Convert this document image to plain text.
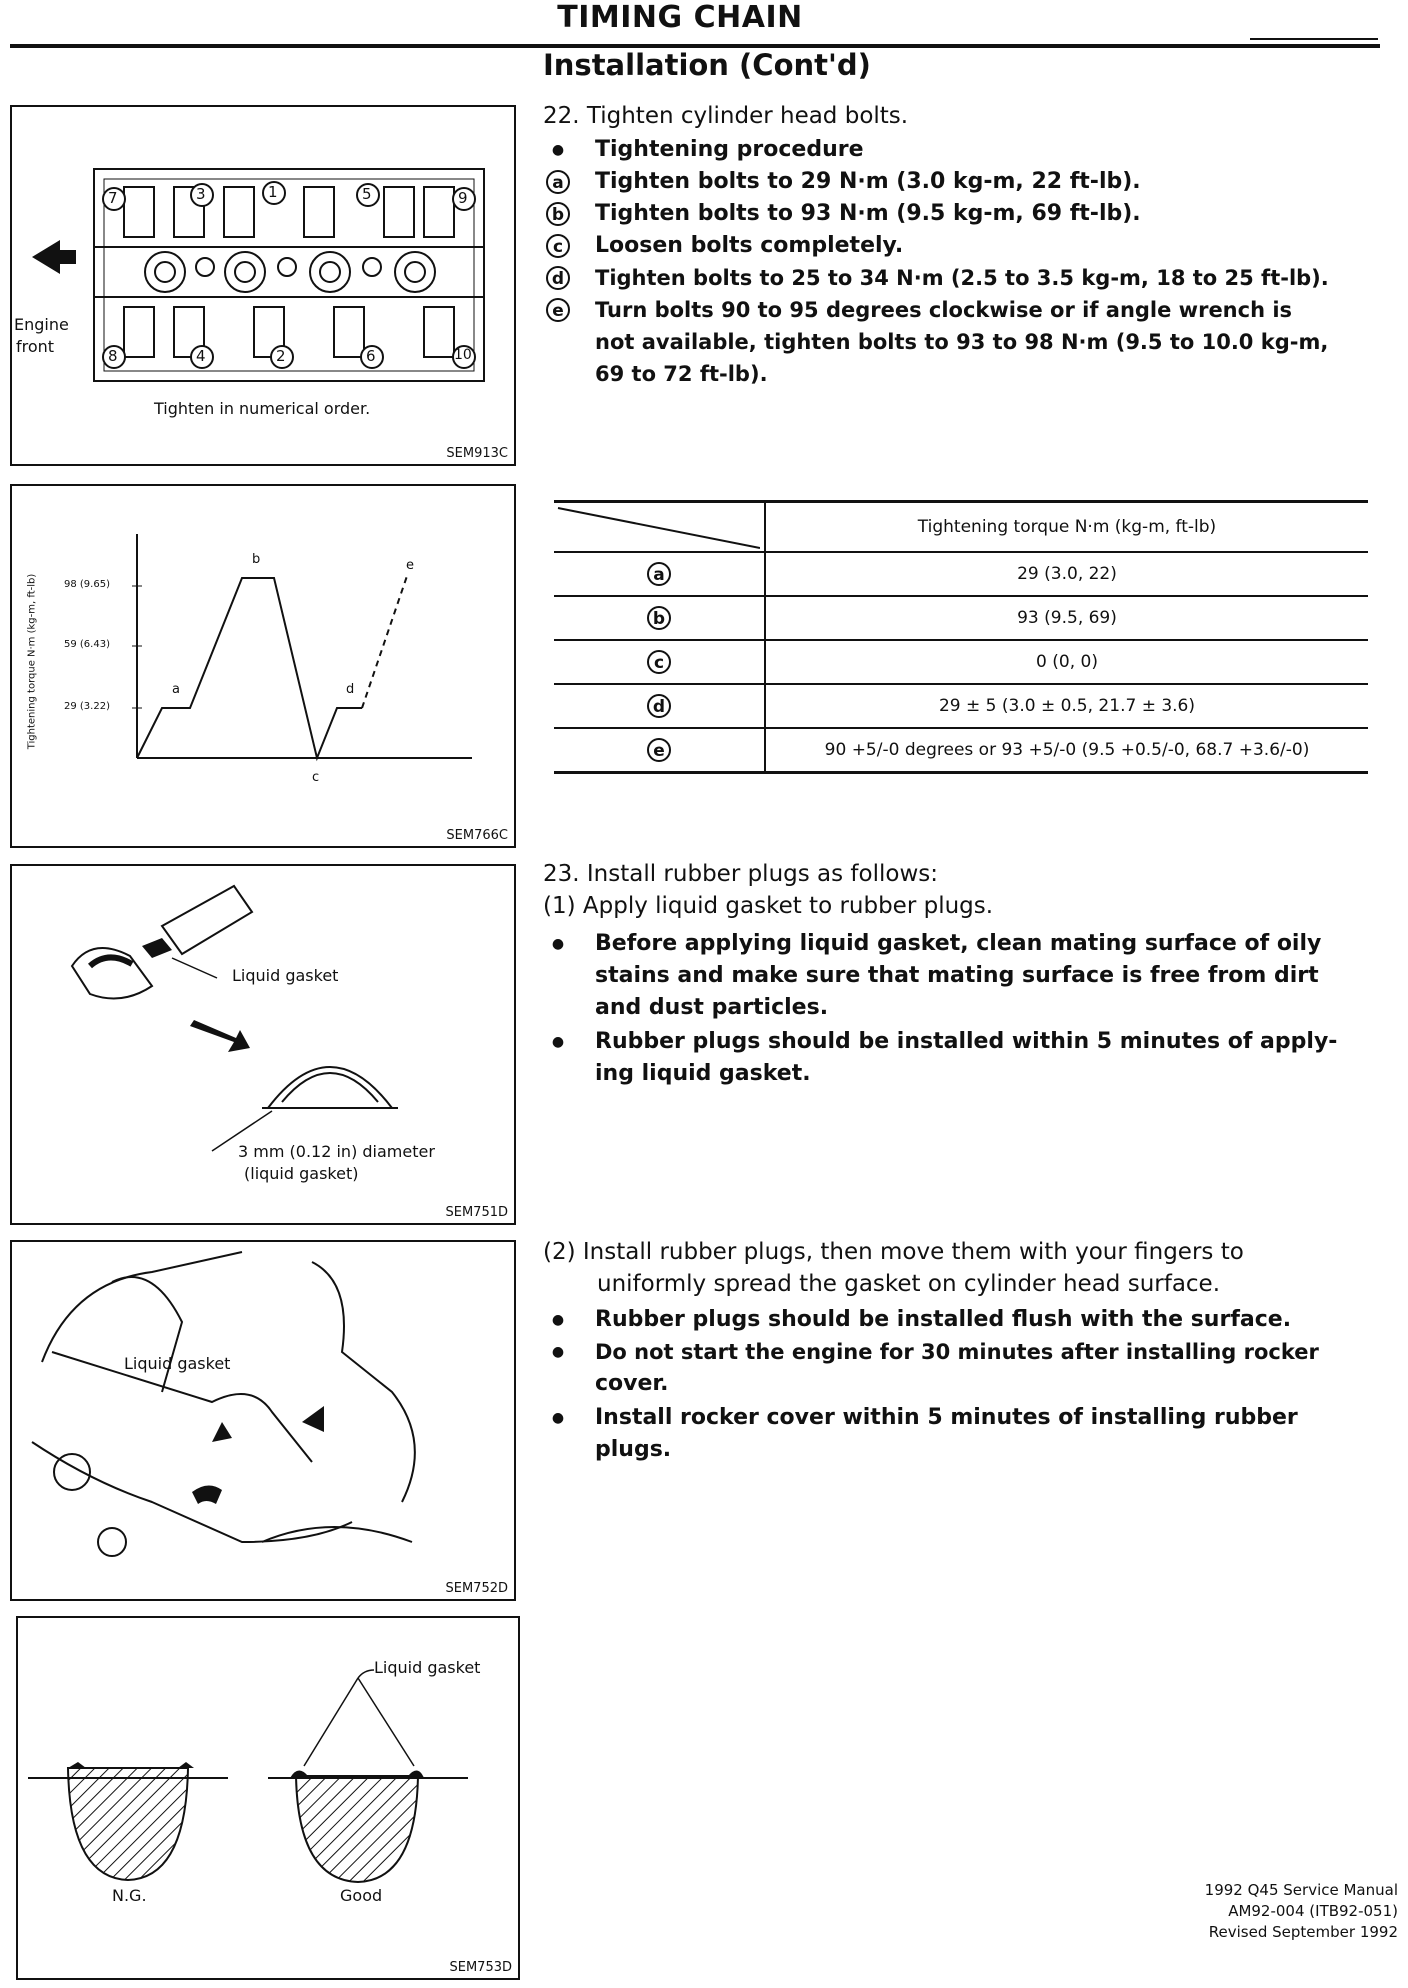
TIMING CHAIN
Installation (Cont'd)
7	3	1	5	9
8	4	2	6	10
Engine
front
Tighten in numerical order.
SEM913C
Tightening torque N·m (kg-m, ft-lb)	98 (9.65)
59 (6.43)
29 (3.22)
a
b
c
d
e
SEM766C
Liquid gasket
3 mm (0.12 in) diameter
(liquid gasket)
SEM751D
Liquid gasket
SEM752D
Liquid gasket
N.G.	Good
SEM753D
22. Tighten cylinder head bolts.
●	Tightening procedure
a	Tighten bolts to 29 N·m (3.0 kg-m, 22 ft-lb).
b	Tighten bolts to 93 N·m (9.5 kg-m, 69 ft-lb).
c	Loosen bolts completely.
d	Tighten bolts to 25 to 34 N·m (2.5 to 3.5 kg-m, 18 to 25 ft-lb).
e	Turn bolts 90 to 95 degrees clockwise or if angle wrench is
not available, tighten bolts to 93 to 98 N·m (9.5 to 10.0 kg-m,
69 to 72 ft-lb).
	Tightening torque N·m (kg-m, ft-lb)
a	29 (3.0, 22)
b	93 (9.5, 69)
c	0 (0, 0)
d	29 ± 5 (3.0 ± 0.5, 21.7 ± 3.6)
e	90 +5/-0 degrees or 93 +5/-0 (9.5 +0.5/-0, 68.7 +3.6/-0)
23. Install rubber plugs as follows:
(1) Apply liquid gasket to rubber plugs.
●	Before applying liquid gasket, clean mating surface of oily
stains and make sure that mating surface is free from dirt
and dust particles.
●	Rubber plugs should be installed within 5 minutes of apply-
ing liquid gasket.
(2) Install rubber plugs, then move them with your fingers to
uniformly spread the gasket on cylinder head surface.
●	Rubber plugs should be installed flush with the surface.
●	Do not start the engine for 30 minutes after installing rocker
cover.
●	Install rocker cover within 5 minutes of installing rubber
plugs.
1992 Q45 Service Manual
AM92-004 (ITB92-051)
Revised September 1992
